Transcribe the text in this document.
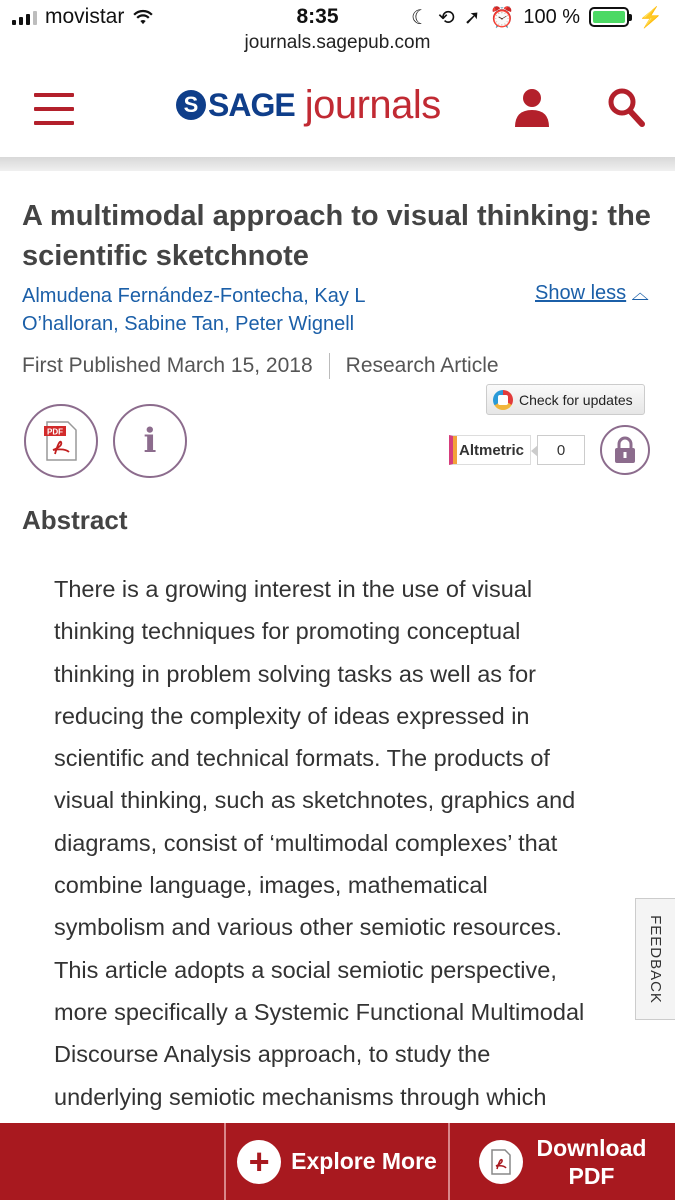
movistar	8:35	☾ ⟲ ➚ ⏰ 100 %	⚡
journals.sagepub.com
S SAGE journals
A multimodal approach to visual thinking: the scientific sketchnote
Almudena Fernández-Fontecha, Kay L O’halloran, Sabine Tan, Peter Wignell
Show less ︿
First Published March 15, 2018 Research Article
Check for updates
PDF i	Altmetric	0
Abstract
There is a growing interest in the use of visual
thinking techniques for promoting conceptual
thinking in problem solving tasks as well as for
reducing the complexity of ideas expressed in
scientific and technical formats. The products of
visual thinking, such as sketchnotes, graphics and
diagrams, consist of ‘multimodal complexes’ that
combine language, images, mathematical
symbolism and various other semiotic resources.
This article adopts a social semiotic perspective,
more specifically a Systemic Functional Multimodal
Discourse Analysis approach, to study the
underlying semiotic mechanisms through which
FEEDBACK
+ Explore More
Download
PDF
